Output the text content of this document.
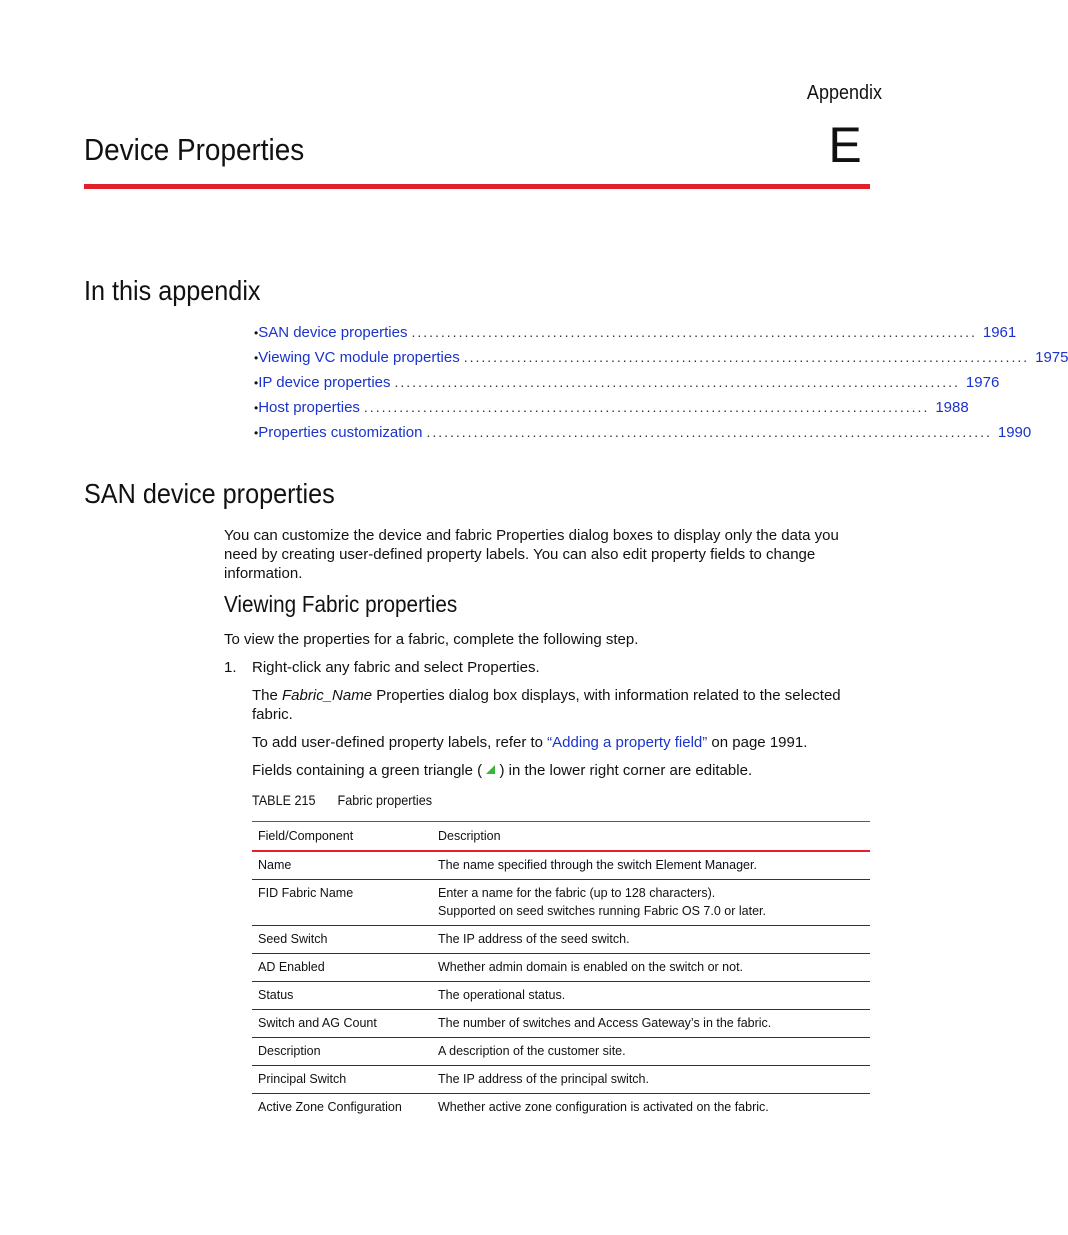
Appendix
E
Device Properties
In this appendix
• SAN device properties ................................................................................................ 1961
• Viewing VC module properties ................................................................................................ 1975
• IP device properties ................................................................................................ 1976
• Host properties ................................................................................................ 1988
• Properties customization ................................................................................................ 1990
SAN device properties

You can customize the device and fabric Properties dialog boxes to display only the data you need by creating user-defined property labels. You can also edit property fields to change information.

Viewing Fabric properties

To view the properties for a fabric, complete the following step.

1. Right-click any fabric and select Properties.

The Fabric_Name Properties dialog box displays, with information related to the selected fabric.

To add user-defined property labels, refer to “Adding a property field” on page 1991.

Fields containing a green triangle ( ) in the lower right corner are editable.

TABLE 215 Fabric properties
Field/Component	Description
Name	The name specified through the switch Element Manager.

FID Fabric Name	Enter a name for the fabric (up to 128 characters).
Supported on seed switches running Fabric OS 7.0 or later.

Seed Switch	The IP address of the seed switch.

AD Enabled	Whether admin domain is enabled on the switch or not.

Status	The operational status.

Switch and AG Count	The number of switches and Access Gateway’s in the fabric.

Description	A description of the customer site.

Principal Switch	The IP address of the principal switch.

Active Zone Configuration	Whether active zone configuration is activated on the fabric.
